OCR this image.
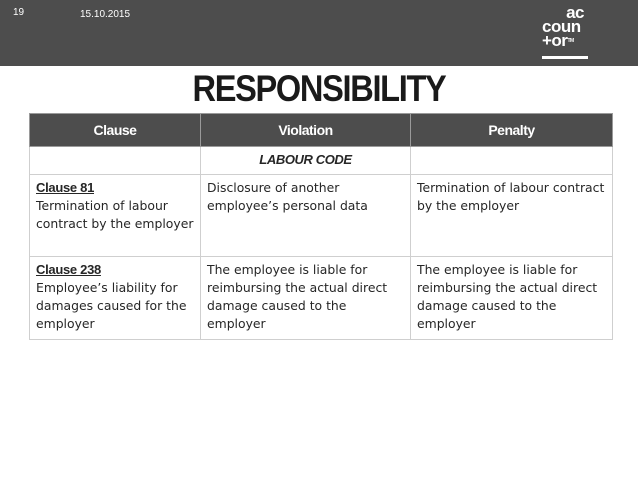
19	15.10.2015	ac
coun
+orTM
RESPONSIBILITY
Clause	Violation	Penalty

	LABOUR CODE	

Clause 81
Termination of labour contract by the employer	Disclosure of another employee’s personal data	Termination of labour contract by the employer

Clause 238
Employee’s liability for damages caused for the employer	The employee is liable for reimbursing the actual direct damage caused to the employer	The employee is liable for reimbursing the actual direct damage caused to the employer
